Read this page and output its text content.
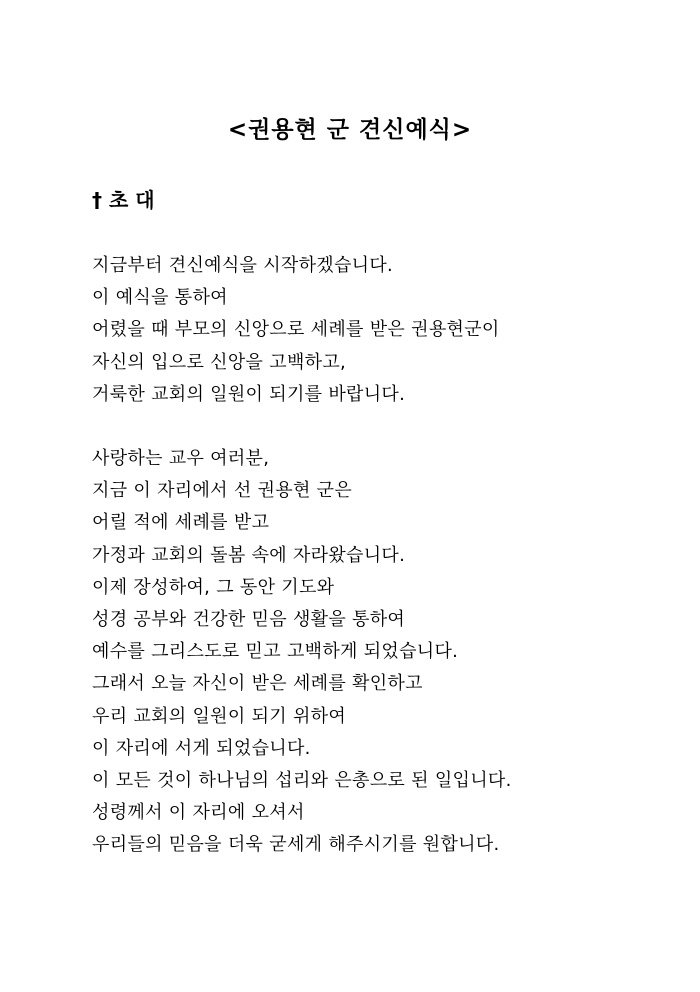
<권용현 군 견신예식>
† 초 대
지금부터 견신예식을 시작하겠습니다.
이 예식을 통하여
어렸을 때 부모의 신앙으로 세례를 받은 권용현군이
자신의 입으로 신앙을 고백하고,
거룩한 교회의 일원이 되기를 바랍니다.
사랑하는 교우 여러분,
지금 이 자리에서 선 권용현 군은
어릴 적에 세례를 받고
가정과 교회의 돌봄 속에 자라왔습니다.
이제 장성하여, 그 동안 기도와
성경 공부와 건강한 믿음 생활을 통하여
예수를 그리스도로 믿고 고백하게 되었습니다.
그래서 오늘 자신이 받은 세례를 확인하고
우리 교회의 일원이 되기 위하여
이 자리에 서게 되었습니다.
이 모든 것이 하나님의 섭리와 은총으로 된 일입니다.
성령께서 이 자리에 오셔서
우리들의 믿음을 더욱 굳세게 해주시기를 원합니다.
